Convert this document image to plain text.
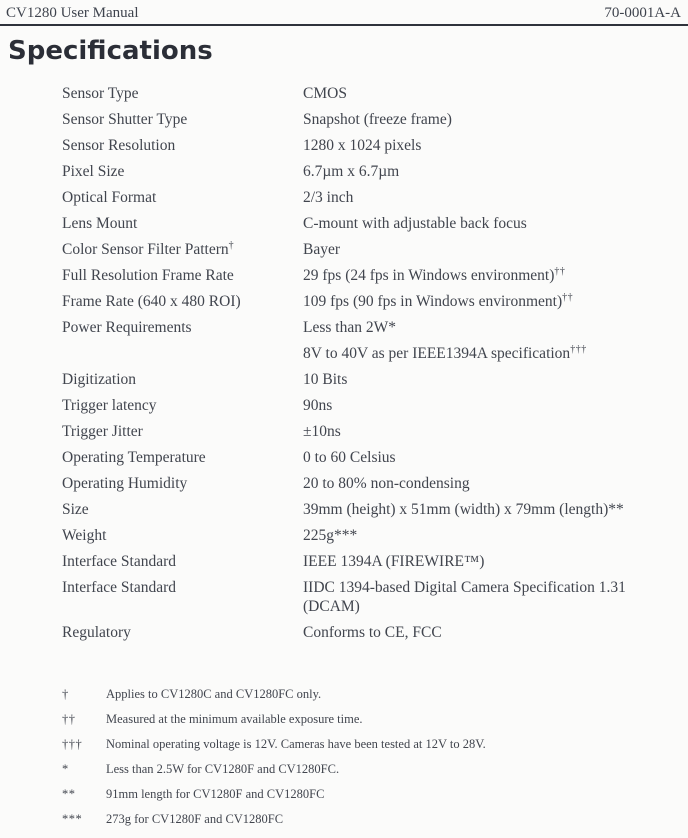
CV1280 User Manual	70-0001A-A
Specifications
Sensor Type	CMOS
Sensor Shutter Type	Snapshot (freeze frame)
Sensor Resolution	1280 x 1024 pixels
Pixel Size	6.7µm x 6.7µm
Optical Format	2/3 inch
Lens Mount	C-mount with adjustable back focus
Color Sensor Filter Pattern†	Bayer
Full Resolution Frame Rate	29 fps (24 fps in Windows environment)††
Frame Rate (640 x 480 ROI)	109 fps (90 fps in Windows environment)††
Power Requirements	Less than 2W*
8V to 40V as per IEEE1394A specification†††
Digitization	10 Bits
Trigger latency	90ns
Trigger Jitter	±10ns
Operating Temperature	0 to 60 Celsius
Operating Humidity	20 to 80% non-condensing
Size	39mm (height) x 51mm (width) x 79mm (length)**
Weight	225g***
Interface Standard	IEEE 1394A (FIREWIRE™)
Interface Standard	IIDC 1394-based Digital Camera Specification 1.31 (DCAM)
Regulatory	Conforms to CE, FCC
†	Applies to CV1280C and CV1280FC only.
††	Measured at the minimum available exposure time.
†††	Nominal operating voltage is 12V. Cameras have been tested at 12V to 28V.
*	Less than 2.5W for CV1280F and CV1280FC.
**	91mm length for CV1280F and CV1280FC
***	273g for CV1280F and CV1280FC
